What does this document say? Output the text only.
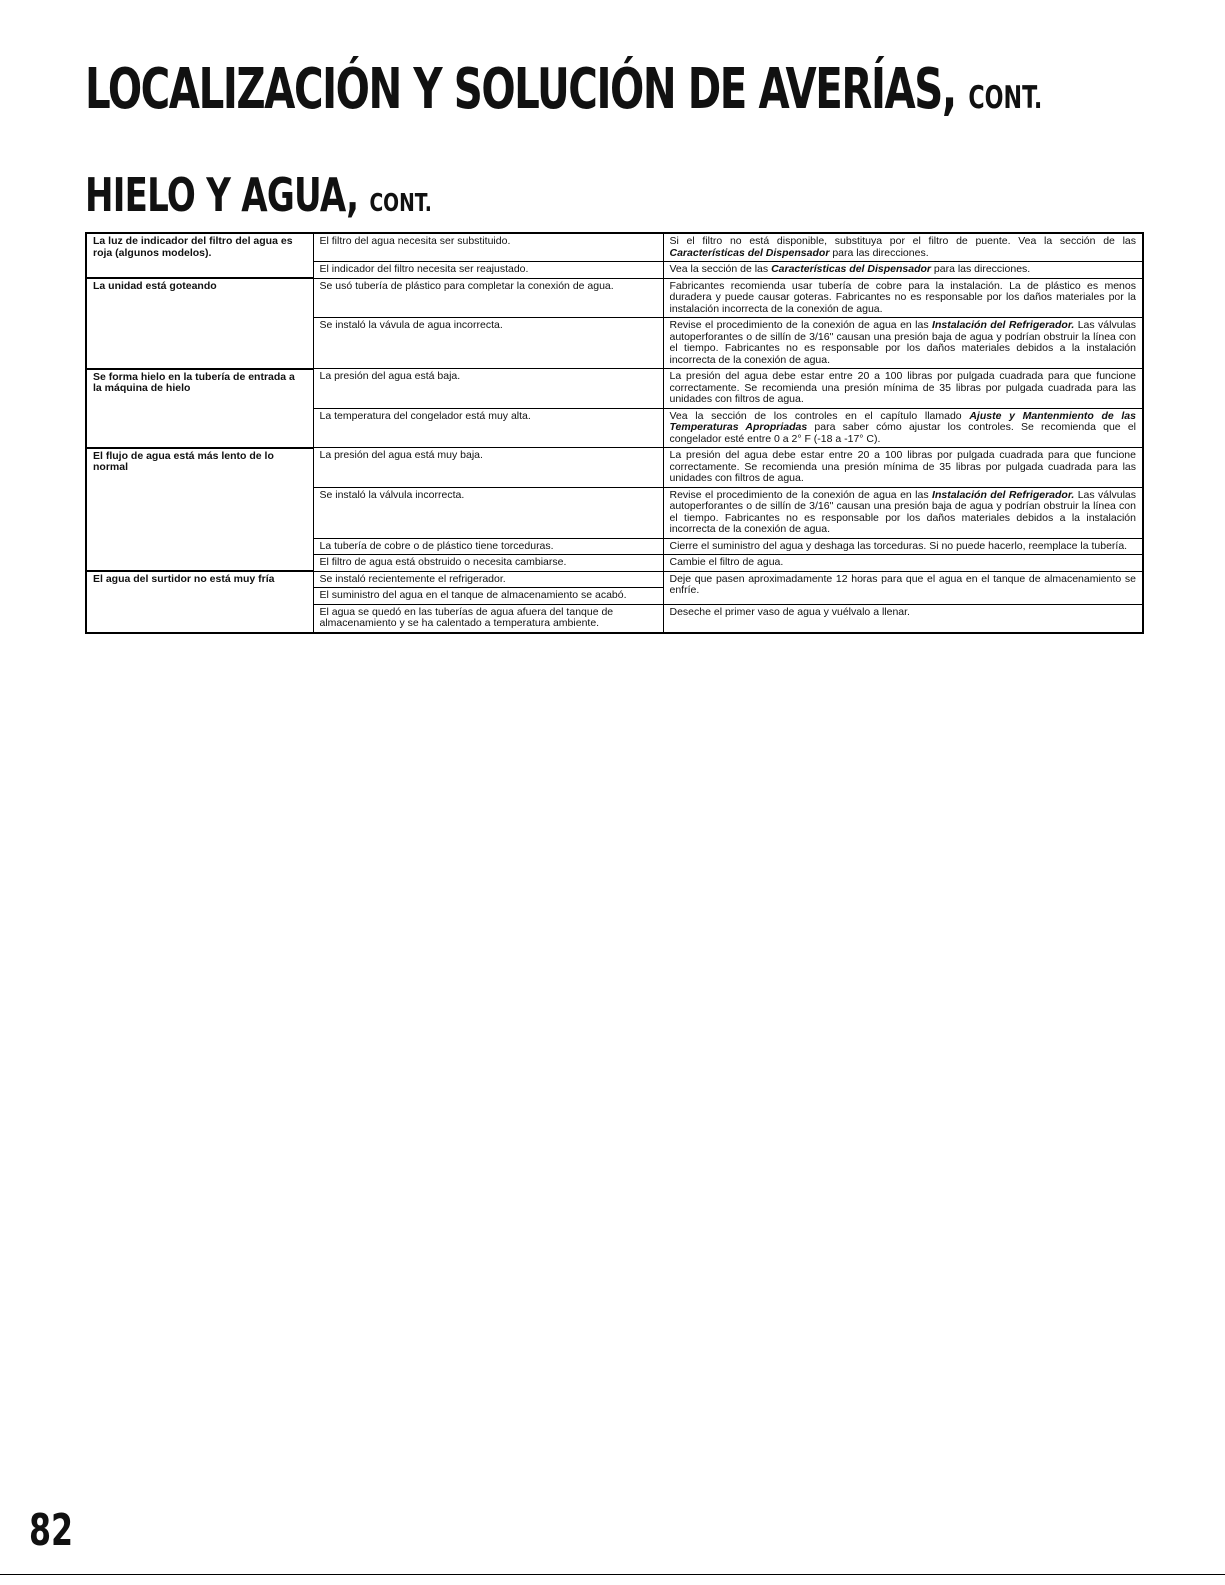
LOCALIZACIÓN Y SOLUCIÓN DE AVERÍAS, CONT.
HIELO Y AGUA, CONT.
La luz de indicador del filtro del agua es roja (algunos modelos).	El filtro del agua necesita ser substituido.	Si el filtro no está disponible, substituya por el filtro de puente. Vea la sección de las Características del Dispensador para las direcciones.
	El indicador del filtro necesita ser reajustado.	Vea la sección de las Características del Dispensador para las direcciones.
La unidad está goteando	Se usó tubería de plástico para completar la conexión de agua.	Fabricantes recomienda usar tubería de cobre para la instalación. La de plástico es menos duradera y puede causar goteras. Fabricantes no es responsable por los daños materiales por la instalación incorrecta de la conexión de agua.
	Se instaló la vávula de agua incorrecta.	Revise el procedimiento de la conexión de agua en las Instalación del Refrigerador. Las válvulas autoperforantes o de sillín de 3/16" causan una presión baja de agua y podrían obstruir la línea con el tiempo. Fabricantes no es responsable por los daños materiales debidos a la instalación incorrecta de la conexión de agua.
Se forma hielo en la tubería de entrada a la máquina de hielo	La presión del agua está baja.	La presión del agua debe estar entre 20 a 100 libras por pulgada cuadrada para que funcione correctamente. Se recomienda una presión mínima de 35 libras por pulgada cuadrada para las unidades con filtros de agua.
	La temperatura del congelador está muy alta.	Vea la sección de los controles en el capítulo llamado Ajuste y Mantenmiento de las Temperaturas Apropriadas para saber cómo ajustar los controles. Se recomienda que el congelador esté entre 0 a 2° F (-18 a -17° C).
El flujo de agua está más lento de lo normal	La presión del agua está muy baja.	La presión del agua debe estar entre 20 a 100 libras por pulgada cuadrada para que funcione correctamente. Se recomienda una presión mínima de 35 libras por pulgada cuadrada para las unidades con filtros de agua.
	Se instaló la válvula incorrecta.	Revise el procedimiento de la conexión de agua en las Instalación del Refrigerador. Las válvulas autoperforantes o de sillín de 3/16" causan una presión baja de agua y podrían obstruir la línea con el tiempo. Fabricantes no es responsable por los daños materiales debidos a la instalación incorrecta de la conexión de agua.
	La tubería de cobre o de plástico tiene torceduras.	Cierre el suministro del agua y deshaga las torceduras. Si no puede hacerlo, reemplace la tubería.
	El filtro de agua está obstruido o necesita cambiarse.	Cambie el filtro de agua.
El agua del surtidor no está muy fría	Se instaló recientemente el refrigerador.	Deje que pasen aproximadamente 12 horas para que el agua en el tanque de almacenamiento se enfríe.
	El suministro del agua en el tanque de almacenamiento se acabó.	
	El agua se quedó en las tuberías de agua afuera del tanque de almacenamiento y se ha calentado a temperatura ambiente.	Deseche el primer vaso de agua y vuélvalo a llenar.
82
